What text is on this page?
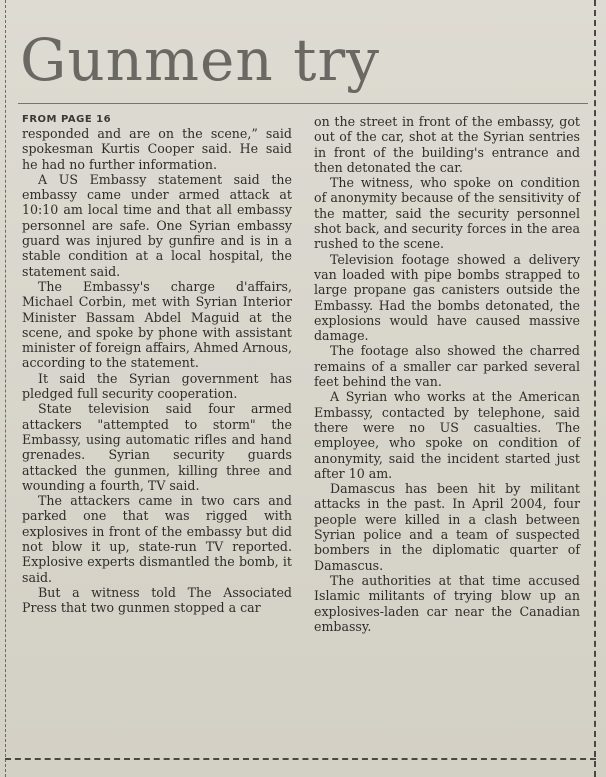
Gunmen try
FROM PAGE 16

responded and are on the scene,” said spokesman Kurtis Cooper said. He said he had no further information.

A US Embassy statement said the embassy came under armed attack at 10:10 am local time and that all embassy personnel are safe. One Syrian embassy guard was injured by gunfire and is in a stable condition at a local hospital, the statement said.

The Embassy's charge d'affairs, Michael Corbin, met with Syrian Interior Minister Bassam Abdel Maguid at the scene, and spoke by phone with assistant minister of foreign affairs, Ahmed Arnous, according to the statement.

It said the Syrian government has pledged full security cooperation.

State television said four armed attackers "attempted to storm" the Embassy, using automatic rifles and hand grenades. Syrian security guards attacked the gunmen, killing three and wounding a fourth, TV said.

The attackers came in two cars and parked one that was rigged with explosives in front of the embassy but did not blow it up, state-run TV reported. Explosive experts dismantled the bomb, it said.

But a witness told The Associated Press that two gunmen stopped a car

on the street in front of the embassy, got out of the car, shot at the Syrian sentries in front of the building's entrance and then detonated the car.

The witness, who spoke on condition of anonymity because of the sensitivity of the matter, said the security personnel shot back, and security forces in the area rushed to the scene.

Television footage showed a delivery van loaded with pipe bombs strapped to large propane gas canisters outside the Embassy. Had the bombs detonated, the explosions would have caused massive damage.

The footage also showed the charred remains of a smaller car parked several feet behind the van.

A Syrian who works at the American Embassy, contacted by telephone, said there were no US casualties. The employee, who spoke on condition of anonymity, said the incident started just after 10 am.

Damascus has been hit by militant attacks in the past. In April 2004, four people were killed in a clash between Syrian police and a team of suspected bombers in the diplomatic quarter of Damascus.

The authorities at that time accused Islamic militants of trying blow up an explosives-laden car near the Canadian embassy.
